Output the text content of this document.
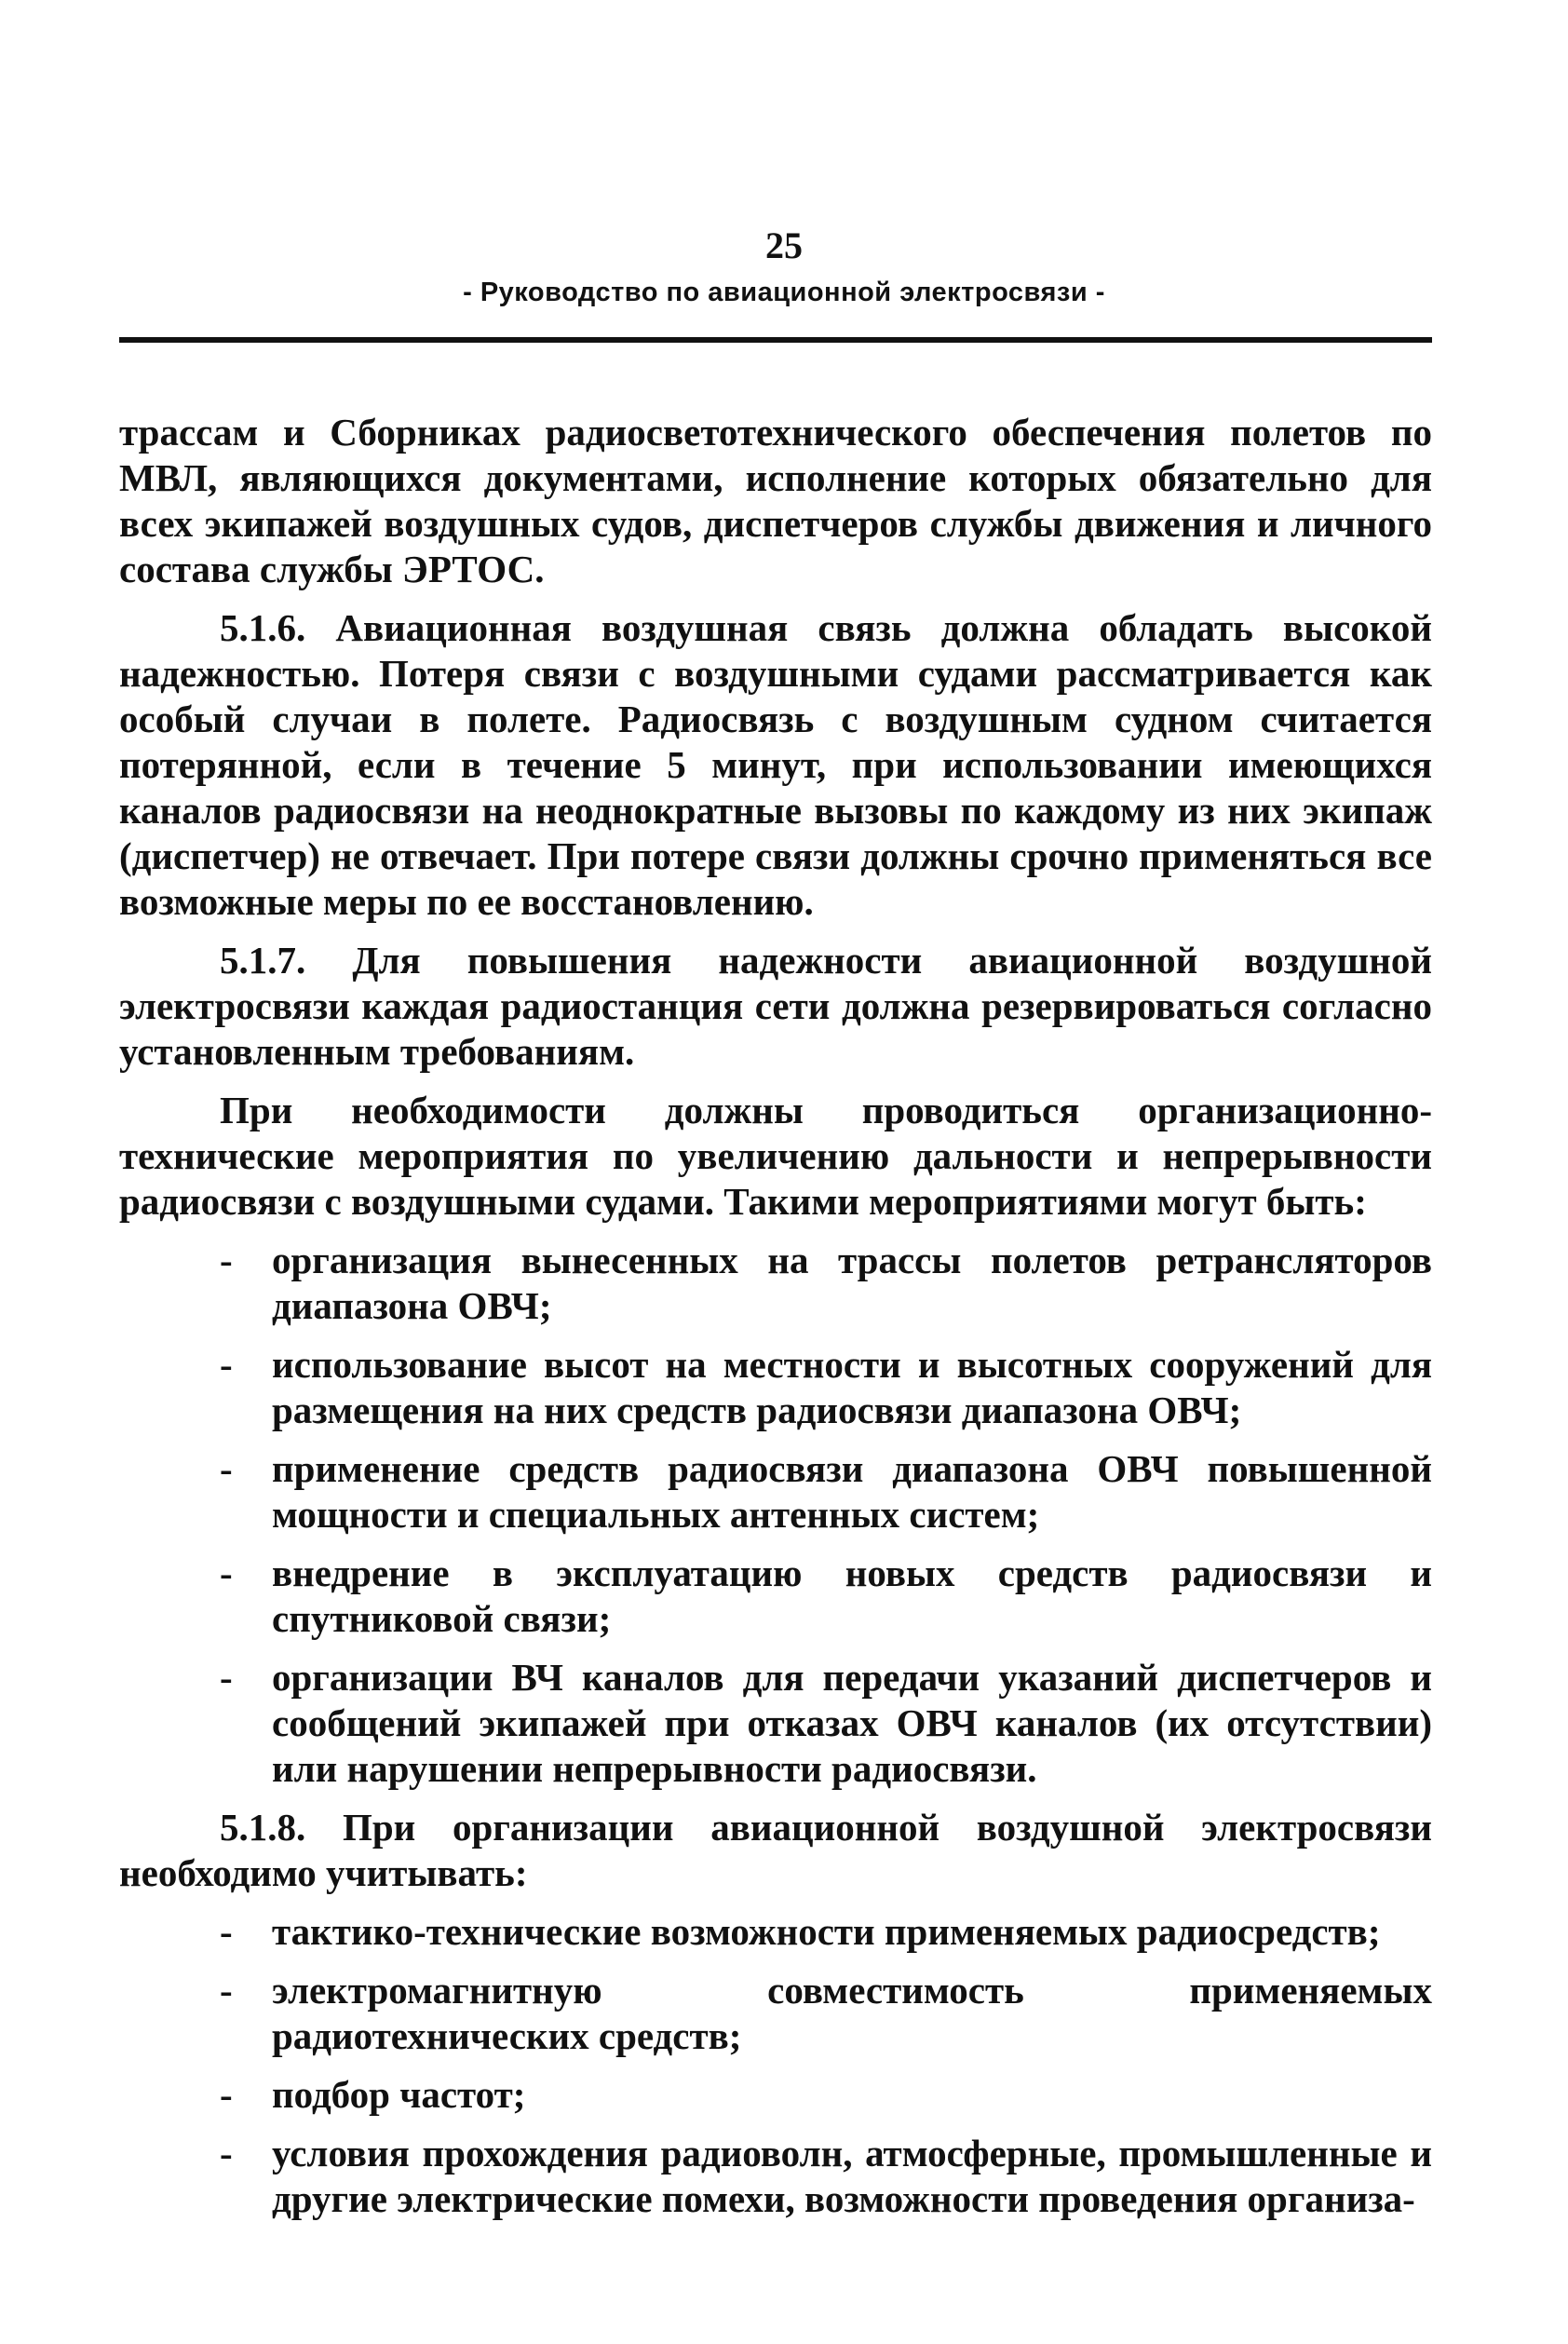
25
- Руководство по авиационной электросвязи -

трассам и Сборниках радиосветотехнического обеспечения полетов по МВЛ, являющихся документами, исполнение которых обязательно для всех экипажей воздушных судов, диспетчеров службы движения и личного состава службы ЭРТОС.

5.1.6. Авиационная воздушная связь должна обладать высокой надежностью. Потеря связи с воздушными судами рассматривается как особый случаи в полете. Радиосвязь с воздушным судном считается потерянной, если в течение 5 минут, при использовании имеющихся каналов радиосвязи на неоднократные вызовы по каждому из них экипаж (диспетчер) не отвечает. При потере связи должны срочно применяться все возможные меры по ее восстановлению.

5.1.7. Для повышения надежности авиационной воздушной электросвязи каждая радиостанция сети должна резервироваться согласно установленным требованиям.

При необходимости должны проводиться организационно-технические мероприятия по увеличению дальности и непрерывности радиосвязи с воздушными судами. Такими мероприятиями могут быть:

- организация вынесенных на трассы полетов ретрансляторов диапазона ОВЧ;
- использование высот на местности и высотных сооружений для размещения на них средств радиосвязи диапазона ОВЧ;
- применение средств радиосвязи диапазона ОВЧ повышенной мощности и специальных антенных систем;
- внедрение в эксплуатацию новых средств радиосвязи и спутниковой связи;
- организации ВЧ каналов для передачи указаний диспетчеров и сообщений экипажей при отказах ОВЧ каналов (их отсутствии) или нарушении непрерывности радиосвязи.

5.1.8. При организации авиационной воздушной электросвязи необходимо учитывать:

- тактико-технические возможности применяемых радиосредств;
- электромагнитную совместимость применяемых радиотехнических средств;
- подбор частот;
- условия прохождения радиоволн, атмосферные, промышленные и другие электрические помехи, возможности проведения организа-
